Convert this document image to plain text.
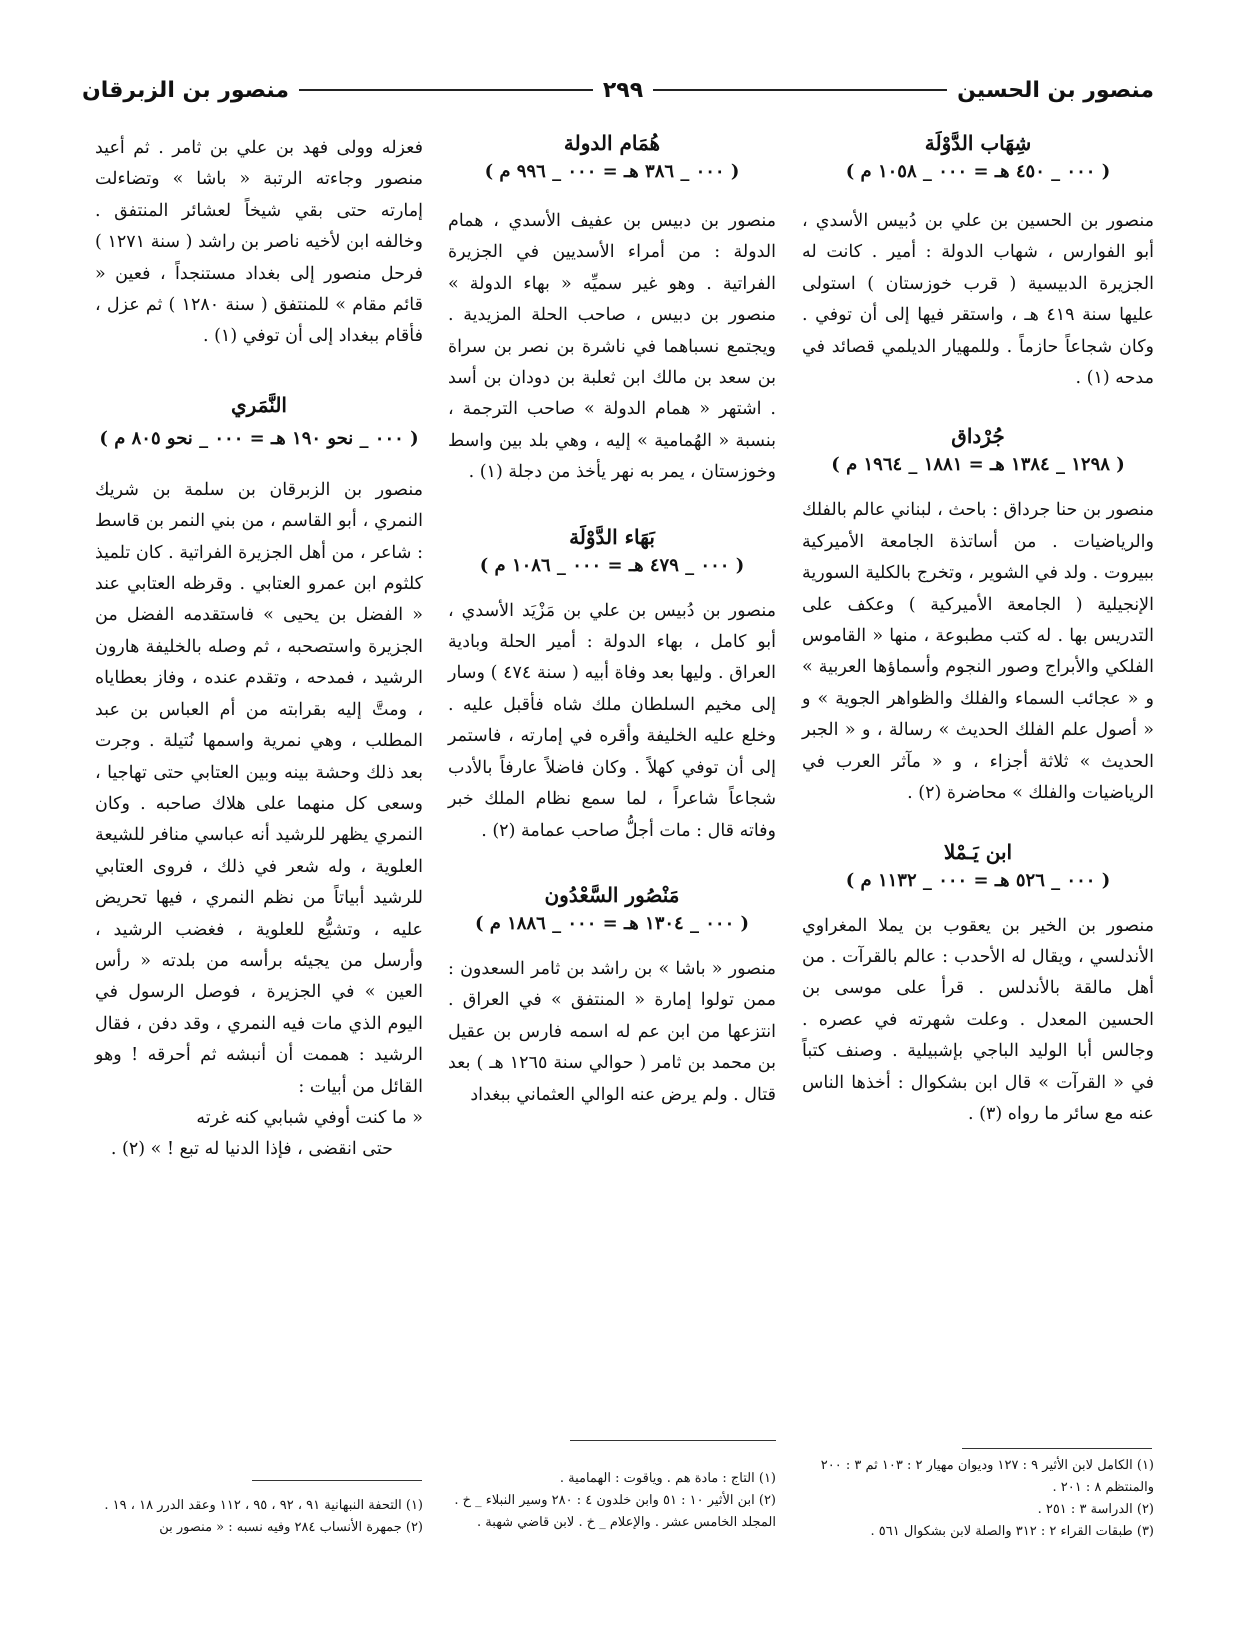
منصور بن الحسين
٢٩٩
منصور بن الزبرقان
شِهَاب الدَّوْلَة
( ٠٠٠ _ ٤٥٠ هـ = ٠٠٠ _ ١٠٥٨ م )

منصور بن الحسين بن علي بن دُبيس الأسدي ، أبو الفوارس ، شهاب الدولة : أمير . كانت له الجزيرة الدبيسية ( قرب خوزستان ) استولى عليها سنة ٤١٩ هـ ، واستقر فيها إلى أن توفي . وكان شجاعاً حازماً . وللمهيار الديلمي قصائد في مدحه (١) .

جُرْداق
( ١٢٩٨ _ ١٣٨٤ هـ = ١٨٨١ _ ١٩٦٤ م )

منصور بن حنا جرداق : باحث ، لبناني عالم بالفلك والرياضيات . من أساتذة الجامعة الأميركية ببيروت . ولد في الشوير ، وتخرج بالكلية السورية الإنجيلية ( الجامعة الأميركية ) وعكف على التدريس بها . له كتب مطبوعة ، منها « القاموس الفلكي والأبراج وصور النجوم وأسماؤها العربية » و « عجائب السماء والفلك والظواهر الجوية » و « أصول علم الفلك الحديث » رسالة ، و « الجبر الحديث » ثلاثة أجزاء ، و « مآثر العرب في الرياضيات والفلك » محاضرة (٢) .

ابن يَـمْلا
( ٠٠٠ _ ٥٢٦ هـ = ٠٠٠ _ ١١٣٢ م )

منصور بن الخير بن يعقوب بن يملا المغراوي الأندلسي ، ويقال له الأحدب : عالم بالقرآت . من أهل مالقة بالأندلس . قرأ على موسى بن الحسين المعدل . وعلت شهرته في عصره . وجالس أبا الوليد الباجي بإشبيلية . وصنف كتباً في « القرآت » قال ابن بشكوال : أخذها الناس عنه مع سائر ما رواه (٣) .

هُمَام الدولة
( ٠٠٠ _ ٣٨٦ هـ = ٠٠٠ _ ٩٩٦ م )

منصور بن دبيس بن عفيف الأسدي ، همام الدولة : من أمراء الأسديين في الجزيرة الفراتية . وهو غير سميِّه « بهاء الدولة » منصور بن دبيس ، صاحب الحلة المزيدية . ويجتمع نسباهما في ناشرة بن نصر بن سراة بن سعد بن مالك ابن ثعلبة بن دودان بن أسد . اشتهر « همام الدولة » صاحب الترجمة ، بنسبة « الهُمامية » إليه ، وهي بلد بين واسط وخوزستان ، يمر به نهر يأخذ من دجلة (١) .

بَهَاء الدَّوْلَة
( ٠٠٠ _ ٤٧٩ هـ = ٠٠٠ _ ١٠٨٦ م )

منصور بن دُبيس بن علي بن مَزْيَد الأسدي ، أبو كامل ، بهاء الدولة : أمير الحلة وبادية العراق . وليها بعد وفاة أبيه ( سنة ٤٧٤ ) وسار إلى مخيم السلطان ملك شاه فأقبل عليه . وخلع عليه الخليفة وأقره في إمارته ، فاستمر إلى أن توفي كهلاً . وكان فاضلاً عارفاً بالأدب شجاعاً شاعراً ، لما سمع نظام الملك خبر وفاته قال : مات أجلُّ صاحب عمامة (٢) .

مَنْصُور السَّعْدُون
( ٠٠٠ _ ١٣٠٤ هـ = ٠٠٠ _ ١٨٨٦ م )

منصور « باشا » بن راشد بن ثامر السعدون : ممن تولوا إمارة « المنتفق » في العراق . انتزعها من ابن عم له اسمه فارس بن عقيل بن محمد بن ثامر ( حوالي سنة ١٢٦٥ هـ ) بعد قتال . ولم يرض عنه الوالي العثماني ببغداد

فعزله وولى فهد بن علي بن ثامر . ثم أعيد منصور وجاءته الرتبة « باشا » وتضاءلت إمارته حتى بقي شيخاً لعشائر المنتفق . وخالفه ابن لأخيه ناصر بن راشد ( سنة ١٢٧١ ) فرحل منصور إلى بغداد مستنجداً ، فعين « قائم مقام » للمنتفق ( سنة ١٢٨٠ ) ثم عزل ، فأقام ببغداد إلى أن توفي (١) .

النَّمَري
( ٠٠٠ _ نحو ١٩٠ هـ = ٠٠٠ _ نحو ٨٠٥ م )

منصور بن الزبرقان بن سلمة بن شريك النمري ، أبو القاسم ، من بني النمر بن قاسط : شاعر ، من أهل الجزيرة الفراتية . كان تلميذ كلثوم ابن عمرو العتابي . وقرظه العتابي عند « الفضل بن يحيى » فاستقدمه الفضل من الجزيرة واستصحبه ، ثم وصله بالخليفة هارون الرشيد ، فمدحه ، وتقدم عنده ، وفاز بعطاياه ، ومتَّ إليه بقرابته من أم العباس بن عبد المطلب ، وهي نمرية واسمها نُتيلة . وجرت بعد ذلك وحشة بينه وبين العتابي حتى تهاجيا ، وسعى كل منهما على هلاك صاحبه . وكان النمري يظهر للرشيد أنه عباسي منافر للشيعة العلوية ، وله شعر في ذلك ، فروى العتابي للرشيد أبياتاً من نظم النمري ، فيها تحريض عليه ، وتشيُّع للعلوية ، فغضب الرشيد ، وأرسل من يجيئه برأسه من بلدته « رأس العين » في الجزيرة ، فوصل الرسول في اليوم الذي مات فيه النمري ، وقد دفن ، فقال الرشيد : هممت أن أنبشه ثم أحرقه ! وهو القائل من أبيات :

« ما كنت أوفي شبابي كنه غرته

حتى انقضى ، فإذا الدنيا له تبع ! » (٢) .

(١) الكامل لابن الأثير ٩ : ١٢٧ وديوان مهيار ٢ : ١٠٣ ثم ٣ : ٢٠٠ والمنتظم ٨ : ٢٠١ .

(٢) الدراسة ٣ : ٢٥١ .

(٣) طبقات القراء ٢ : ٣١٢ والصلة لابن بشكوال ٥٦١ .

(١) التاج : مادة هم . وياقوت : الهمامية .

(٢) ابن الأثير ١٠ : ٥١ وابن خلدون ٤ : ٢٨٠ وسير النبلاء _ خ . المجلد الخامس عشر . والإعلام _ خ . لابن قاضي شهبة .

(١) التحفة النبهانية ٩١ ، ٩٢ ، ٩٥ ، ١١٢ وعقد الدرر ١٨ ، ١٩ .

(٢) جمهرة الأنساب ٢٨٤ وفيه نسبه : « منصور بن
